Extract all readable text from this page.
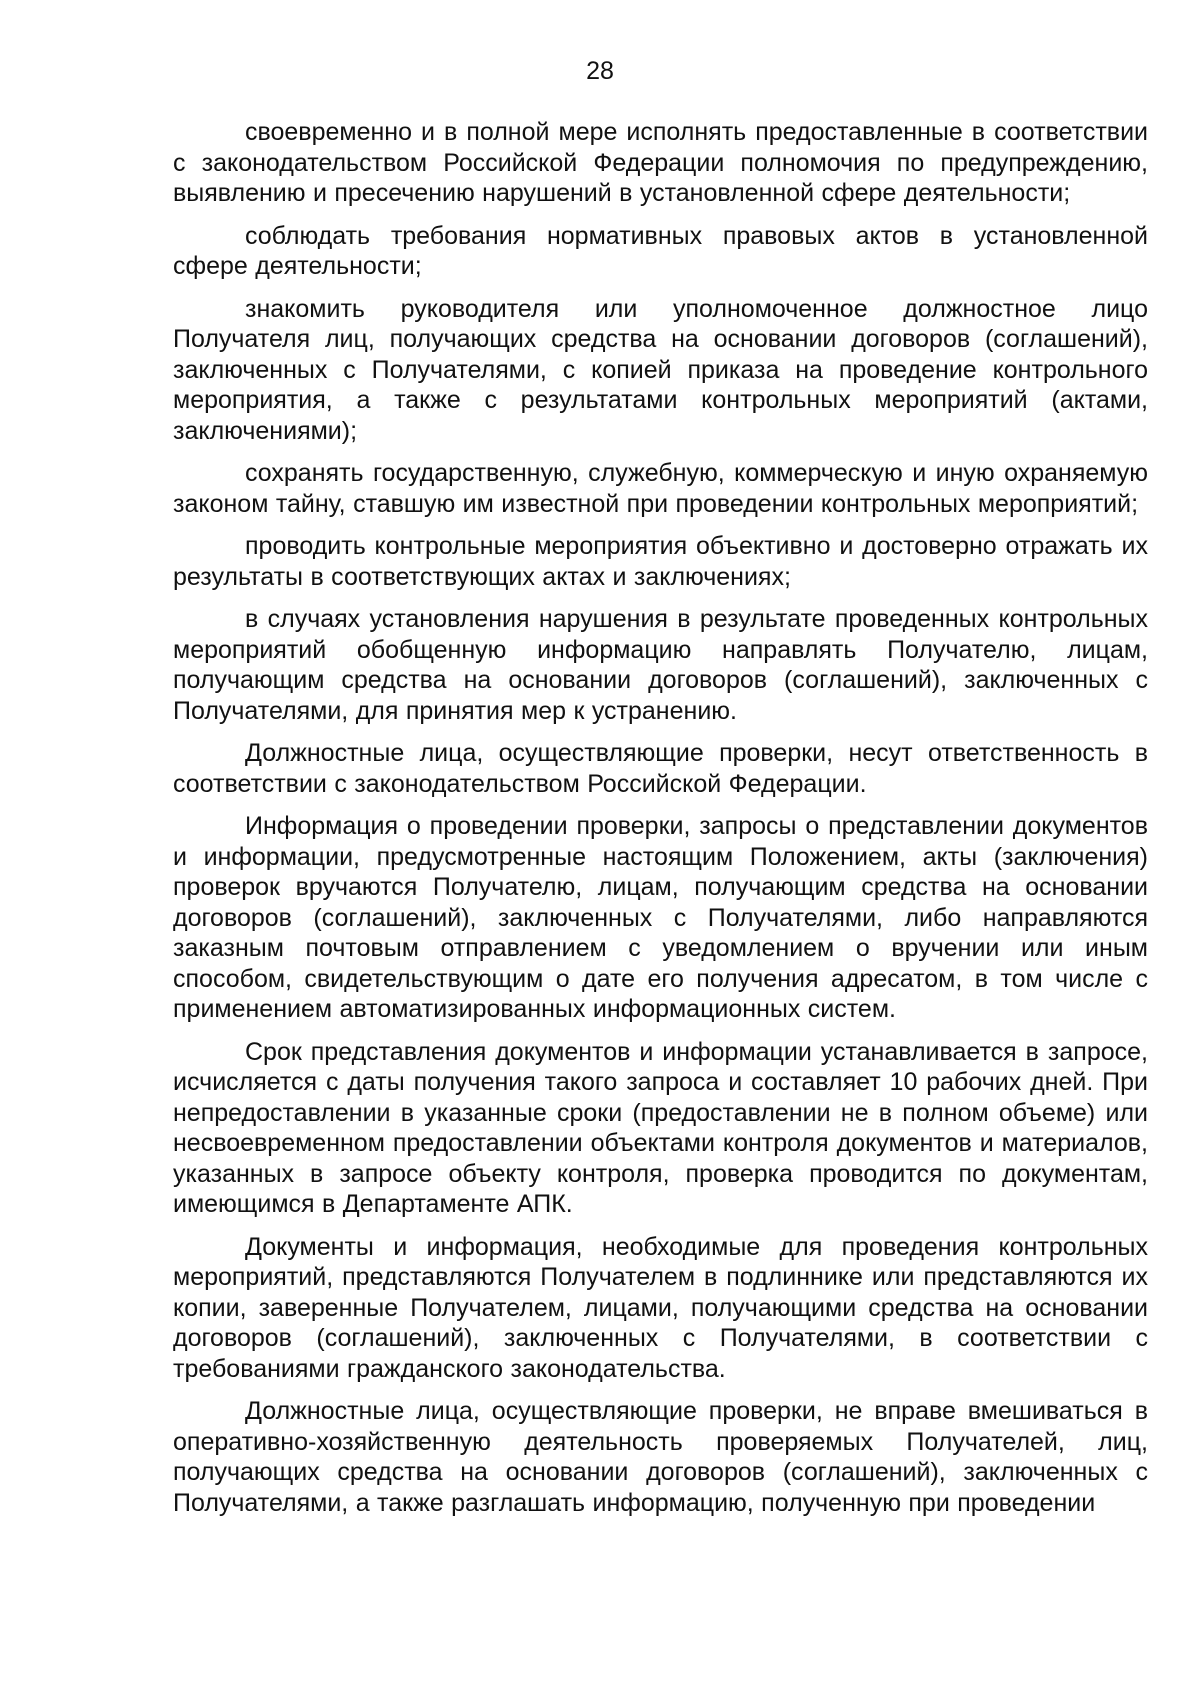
28

своевременно и в полной мере исполнять предоставленные в соответствии с законодательством Российской Федерации полномочия по предупреждению, выявлению и пресечению нарушений в установленной сфере деятельности;

соблюдать требования нормативных правовых актов в установленной сфере деятельности;

знакомить руководителя или уполномоченное должностное лицо Получателя лиц, получающих средства на основании договоров (соглашений), заключенных с Получателями, с копией приказа на проведение контрольного мероприятия, а также с результатами контрольных мероприятий (актами, заключениями);

сохранять государственную, служебную, коммерческую и иную охраняемую законом тайну, ставшую им известной при проведении контрольных мероприятий;

проводить контрольные мероприятия объективно и достоверно отражать их результаты в соответствующих актах и заключениях;

в случаях установления нарушения в результате проведенных контрольных мероприятий обобщенную информацию направлять Получателю, лицам, получающим средства на основании договоров (соглашений), заключенных с Получателями, для принятия мер к устранению.

Должностные лица, осуществляющие проверки, несут ответственность в соответствии с законодательством Российской Федерации.

Информация о проведении проверки, запросы о представлении документов и информации, предусмотренные настоящим Положением, акты (заключения) проверок вручаются Получателю, лицам, получающим средства на основании договоров (соглашений), заключенных с Получателями, либо направляются заказным почтовым отправлением с уведомлением о вручении или иным способом, свидетельствующим о дате его получения адресатом, в том числе с применением автоматизированных информационных систем.

Срок представления документов и информации устанавливается в запросе, исчисляется с даты получения такого запроса и составляет 10 рабочих дней. При непредоставлении в указанные сроки (предоставлении не в полном объеме) или несвоевременном предоставлении объектами контроля документов и материалов, указанных в запросе объекту контроля, проверка проводится по документам, имеющимся в Департаменте АПК.

Документы и информация, необходимые для проведения контрольных мероприятий, представляются Получателем в подлиннике или представляются их копии, заверенные Получателем, лицами, получающими средства на основании договоров (соглашений), заключенных с Получателями, в соответствии с требованиями гражданского законодательства.

Должностные лица, осуществляющие проверки, не вправе вмешиваться в оперативно-хозяйственную деятельность проверяемых Получателей, лиц, получающих средства на основании договоров (соглашений), заключенных с Получателями, а также разглашать информацию, полученную при проведении
